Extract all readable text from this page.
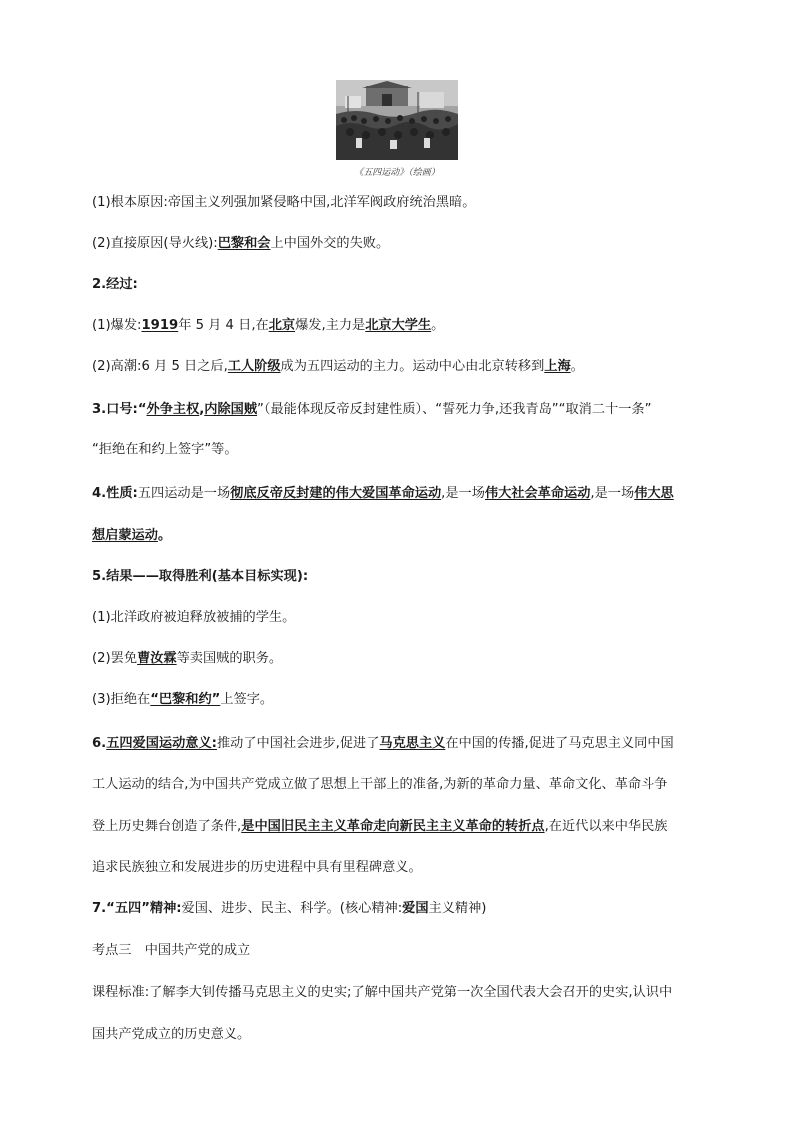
《五四运动》（绘画）
(1)根本原因:帝国主义列强加紧侵略中国,北洋军阀政府统治黑暗。
(2)直接原因(导火线):巴黎和会上中国外交的失败。
2.经过:
(1)爆发:1919年 5 月 4 日,在北京爆发,主力是北京大学生。
(2)高潮:6 月 5 日之后,工人阶级成为五四运动的主力。运动中心由北京转移到上海。
3.口号:“外争主权,内除国贼”（最能体现反帝反封建性质）、“誓死力争,还我青岛”“取消二十一条”
“拒绝在和约上签字”等。
4.性质:五四运动是一场彻底反帝反封建的伟大爱国革命运动,是一场伟大社会革命运动,是一场伟大思
想启蒙运动。
5.结果——取得胜利(基本目标实现):
(1)北洋政府被迫释放被捕的学生。
(2)罢免曹汝霖等卖国贼的职务。
(3)拒绝在“巴黎和约”上签字。
6.五四爱国运动意义:推动了中国社会进步,促进了马克思主义在中国的传播,促进了马克思主义同中国
工人运动的结合,为中国共产党成立做了思想上干部上的准备,为新的革命力量、革命文化、革命斗争
登上历史舞台创造了条件,是中国旧民主主义革命走向新民主主义革命的转折点,在近代以来中华民族
追求民族独立和发展进步的历史进程中具有里程碑意义。
7.“五四”精神:爱国、进步、民主、科学。(核心精神:爱国主义精神)
考点三　中国共产党的成立
课程标准:了解李大钊传播马克思主义的史实;了解中国共产党第一次全国代表大会召开的史实,认识中
国共产党成立的历史意义。
